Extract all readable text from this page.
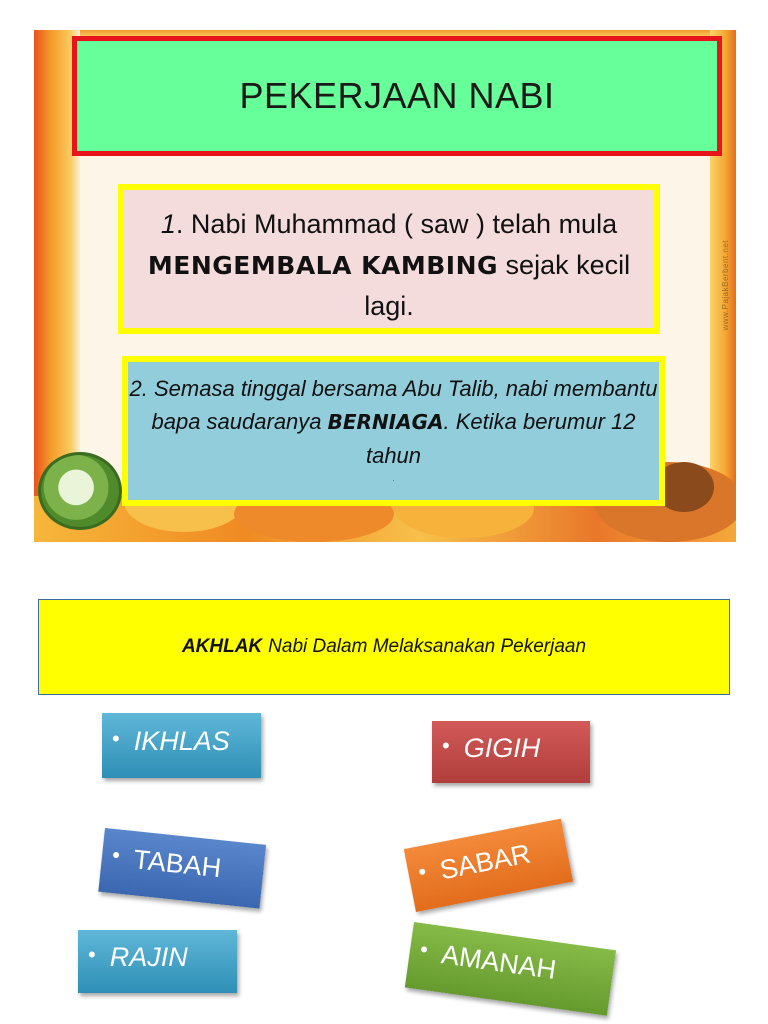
www.PajakBerbent.net
PEKERJAAN NABI
1. Nabi Muhammad ( saw ) telah mula MENGEMBALA KAMBING sejak kecil lagi.
2. Semasa tinggal bersama Abu Talib, nabi membantu bapa saudaranya BERNIAGA. Ketika berumur 12 tahun
.
AKHLAK Nabi Dalam Melaksanakan Pekerjaan
• IKHLAS	• GIGIH
• TABAH	• SABAR
• RAJIN	• AMANAH
